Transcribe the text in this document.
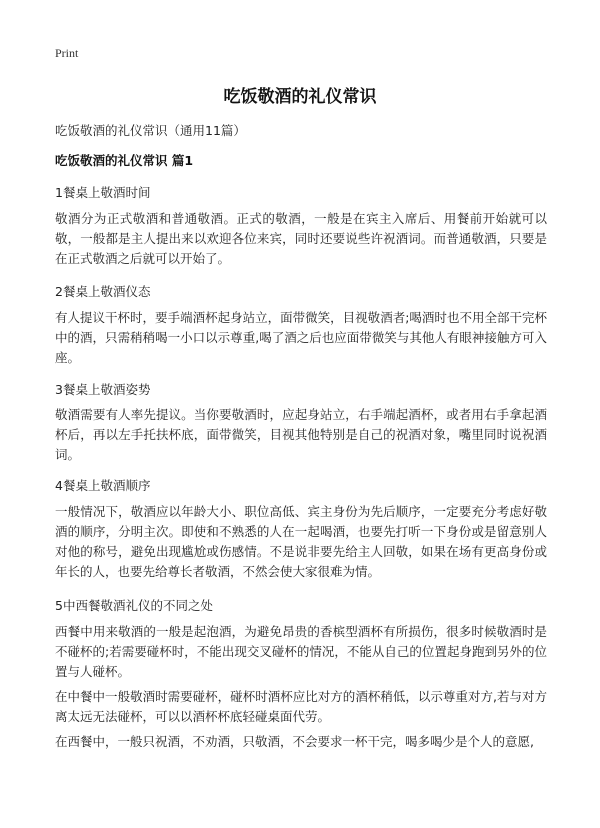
Print
吃饭敬酒的礼仪常识
吃饭敬酒的礼仪常识（通用11篇）
吃饭敬酒的礼仪常识 篇1
1餐桌上敬酒时间

敬酒分为正式敬酒和普通敬酒。正式的敬酒，一般是在宾主入席后、用餐前开始就可以敬，一般都是主人提出来以欢迎各位来宾，同时还要说些许祝酒词。而普通敬酒，只要是在正式敬酒之后就可以开始了。

2餐桌上敬酒仪态

有人提议干杯时，要手端酒杯起身站立，面带微笑，目视敬酒者;喝酒时也不用全部干完杯中的酒，只需稍稍喝一小口以示尊重,喝了酒之后也应面带微笑与其他人有眼神接触方可入座。

3餐桌上敬酒姿势

敬酒需要有人率先提议。当你要敬酒时，应起身站立，右手端起酒杯，或者用右手拿起酒杯后，再以左手托扶杯底，面带微笑，目视其他特别是自己的祝酒对象，嘴里同时说祝酒词。

4餐桌上敬酒顺序

一般情况下，敬酒应以年龄大小、职位高低、宾主身份为先后顺序，一定要充分考虑好敬酒的顺序，分明主次。即使和不熟悉的人在一起喝酒，也要先打听一下身份或是留意别人对他的称号，避免出现尴尬或伤感情。不是说非要先给主人回敬，如果在场有更高身份或年长的人，也要先给尊长者敬酒，不然会使大家很难为情。

5中西餐敬酒礼仪的不同之处

西餐中用来敬酒的一般是起泡酒，为避免昂贵的香槟型酒杯有所损伤，很多时候敬酒时是不碰杯的;若需要碰杯时，不能出现交叉碰杯的情况，不能从自己的位置起身跑到另外的位置与人碰杯。

在中餐中一般敬酒时需要碰杯，碰杯时酒杯应比对方的酒杯稍低，以示尊重对方,若与对方离太远无法碰杯，可以以酒杯杯底轻碰桌面代劳。

在西餐中，一般只祝酒，不劝酒，只敬酒，不会要求一杯干完，喝多喝少是个人的意愿,
